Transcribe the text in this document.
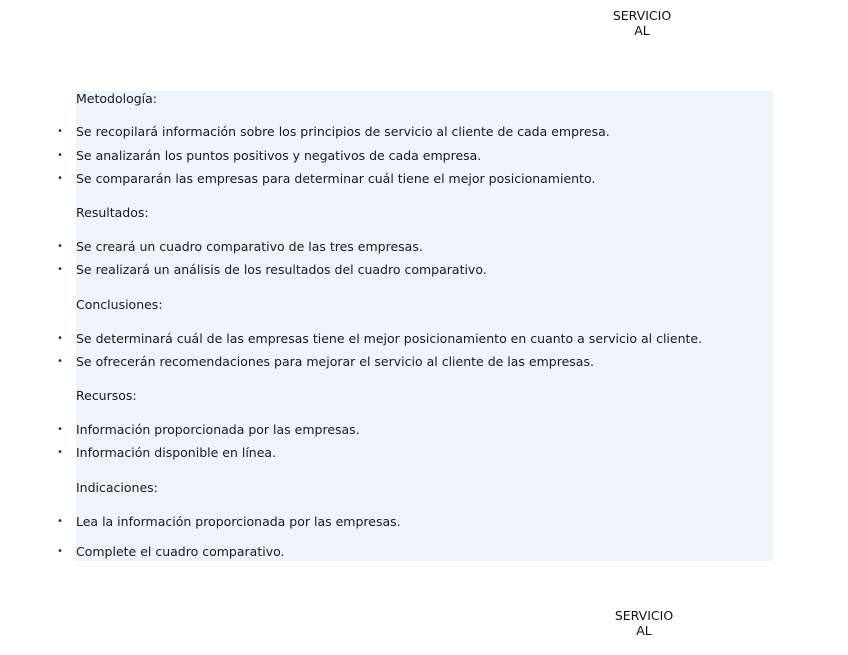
SERVICIO
AL
Metodología:
• Se recopilará información sobre los principios de servicio al cliente de cada empresa.
• Se analizarán los puntos positivos y negativos de cada empresa.
• Se compararán las empresas para determinar cuál tiene el mejor posicionamiento.
Resultados:
• Se creará un cuadro comparativo de las tres empresas.
• Se realizará un análisis de los resultados del cuadro comparativo.
Conclusiones:
• Se determinará cuál de las empresas tiene el mejor posicionamiento en cuanto a servicio al cliente.
• Se ofrecerán recomendaciones para mejorar el servicio al cliente de las empresas.
Recursos:
• Información proporcionada por las empresas.
• Información disponible en línea.
Indicaciones:
• Lea la información proporcionada por las empresas.
• Complete el cuadro comparativo.
SERVICIO
AL
